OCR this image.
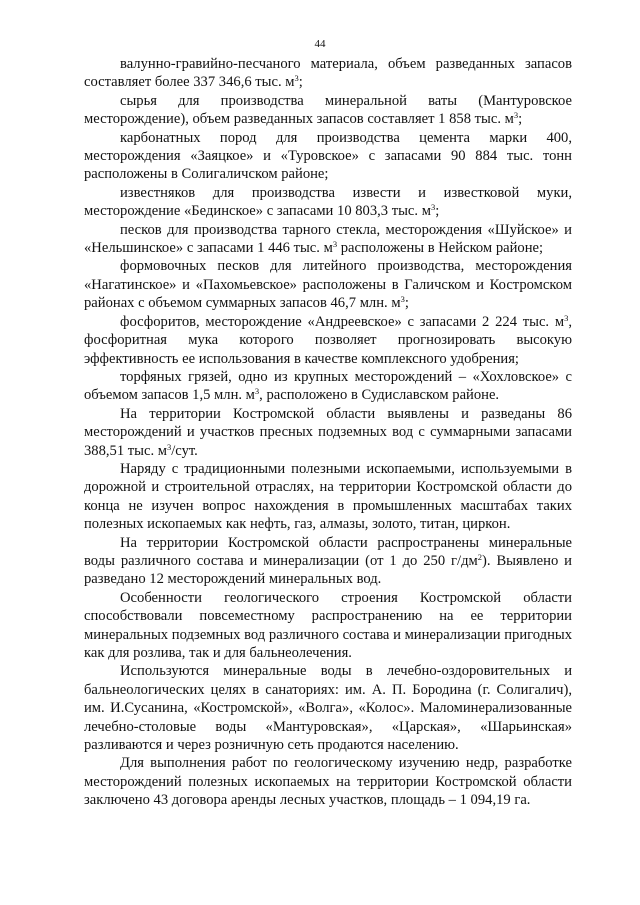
44

валунно-гравийно-песчаного материала, объем разведанных запасов составляет более 337 346,6 тыс. $м^3$;

сырья для производства минеральной ваты (Мантуровское месторождение), объем разведанных запасов составляет 1 858 тыс. $м^3$;

карбонатных пород для производства цемента марки 400, месторождения «Заяцкое» и «Туровское» с запасами 90 884 тыс. тонн расположены в Солигаличском районе;

известняков для производства извести и известковой муки, месторождение «Бединское» с запасами 10 803,3 тыс. $м^3$;

песков для производства тарного стекла, месторождения «Шуйское» и «Нельшинское» с запасами 1 446 тыс. $м^3$ расположены в Нейском районе;

формовочных песков для литейного производства, месторождения «Нагатинское» и «Пахомьевское» расположены в Галичском и Костромском районах с объемом суммарных запасов 46,7 млн. $м^3$;

фосфоритов, месторождение «Андреевское» с запасами 2 224 тыс. $м^3$, фосфоритная мука которого позволяет прогнозировать высокую эффективность ее использования в качестве комплексного удобрения;

торфяных грязей, одно из крупных месторождений – «Хохловское» с объемом запасов 1,5 млн. $м^3$, расположено в Судиславском районе.

На территории Костромской области выявлены и разведаны 86 месторождений и участков пресных подземных вод с суммарными запасами 388,51 тыс. $м^3$/сут.

Наряду с традиционными полезными ископаемыми, используемыми в дорожной и строительной отраслях, на территории Костромской области до конца не изучен вопрос нахождения в промышленных масштабах таких полезных ископаемых как нефть, газ, алмазы, золото, титан, циркон.

На территории Костромской области распространены минеральные воды различного состава и минерализации (от 1 до 250 $г/дм^2$). Выявлено и разведано 12 месторождений минеральных вод.

Особенности геологического строения Костромской области способствовали повсеместному распространению на ее территории минеральных подземных вод различного состава и минерализации пригодных как для розлива, так и для бальнеолечения.

Используются минеральные воды в лечебно-оздоровительных и бальнеологических целях в санаториях: им. А. П. Бородина (г. Солигалич), им. И.Сусанина, «Костромской», «Волга», «Колос». Маломинерализованные лечебно-столовые воды «Мантуровская», «Царская», «Шарьинская» разливаются и через розничную сеть продаются населению.

Для выполнения работ по геологическому изучению недр, разработке месторождений полезных ископаемых на территории Костромской области заключено 43 договора аренды лесных участков, площадь – 1 094,19 га.
